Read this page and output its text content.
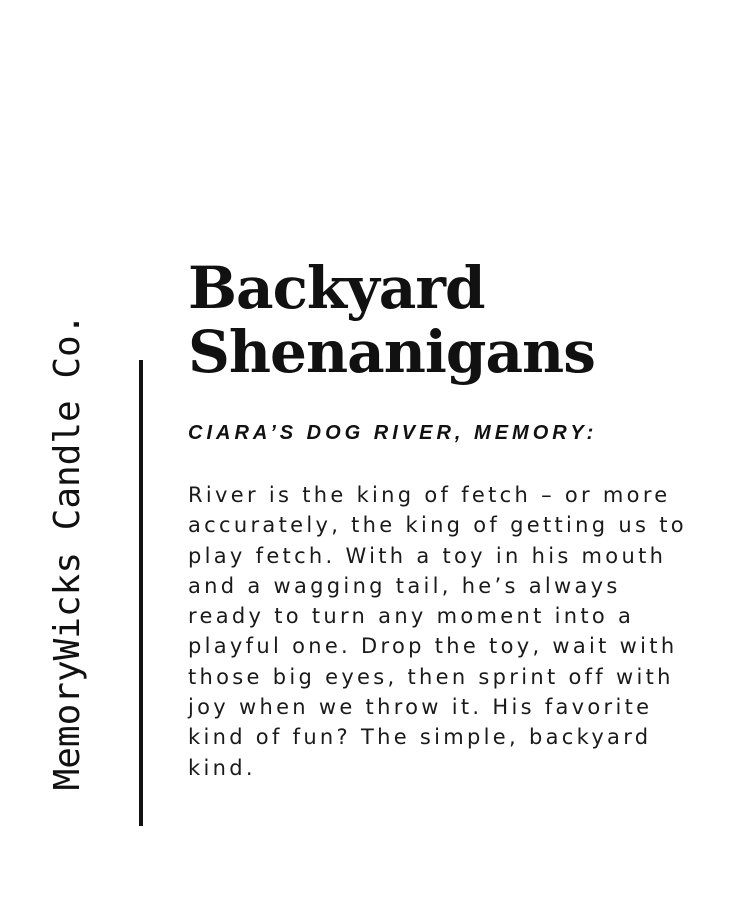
MemoryWicks Candle Co.
Backyard
Shenanigans
CIARA’S DOG RIVER, MEMORY:
River is the king of fetch – or more
accurately, the king of getting us to
play fetch. With a toy in his mouth
and a wagging tail, he’s always
ready to turn any moment into a
playful one. Drop the toy, wait with
those big eyes, then sprint off with
joy when we throw it. His favorite
kind of fun? The simple, backyard
kind.
